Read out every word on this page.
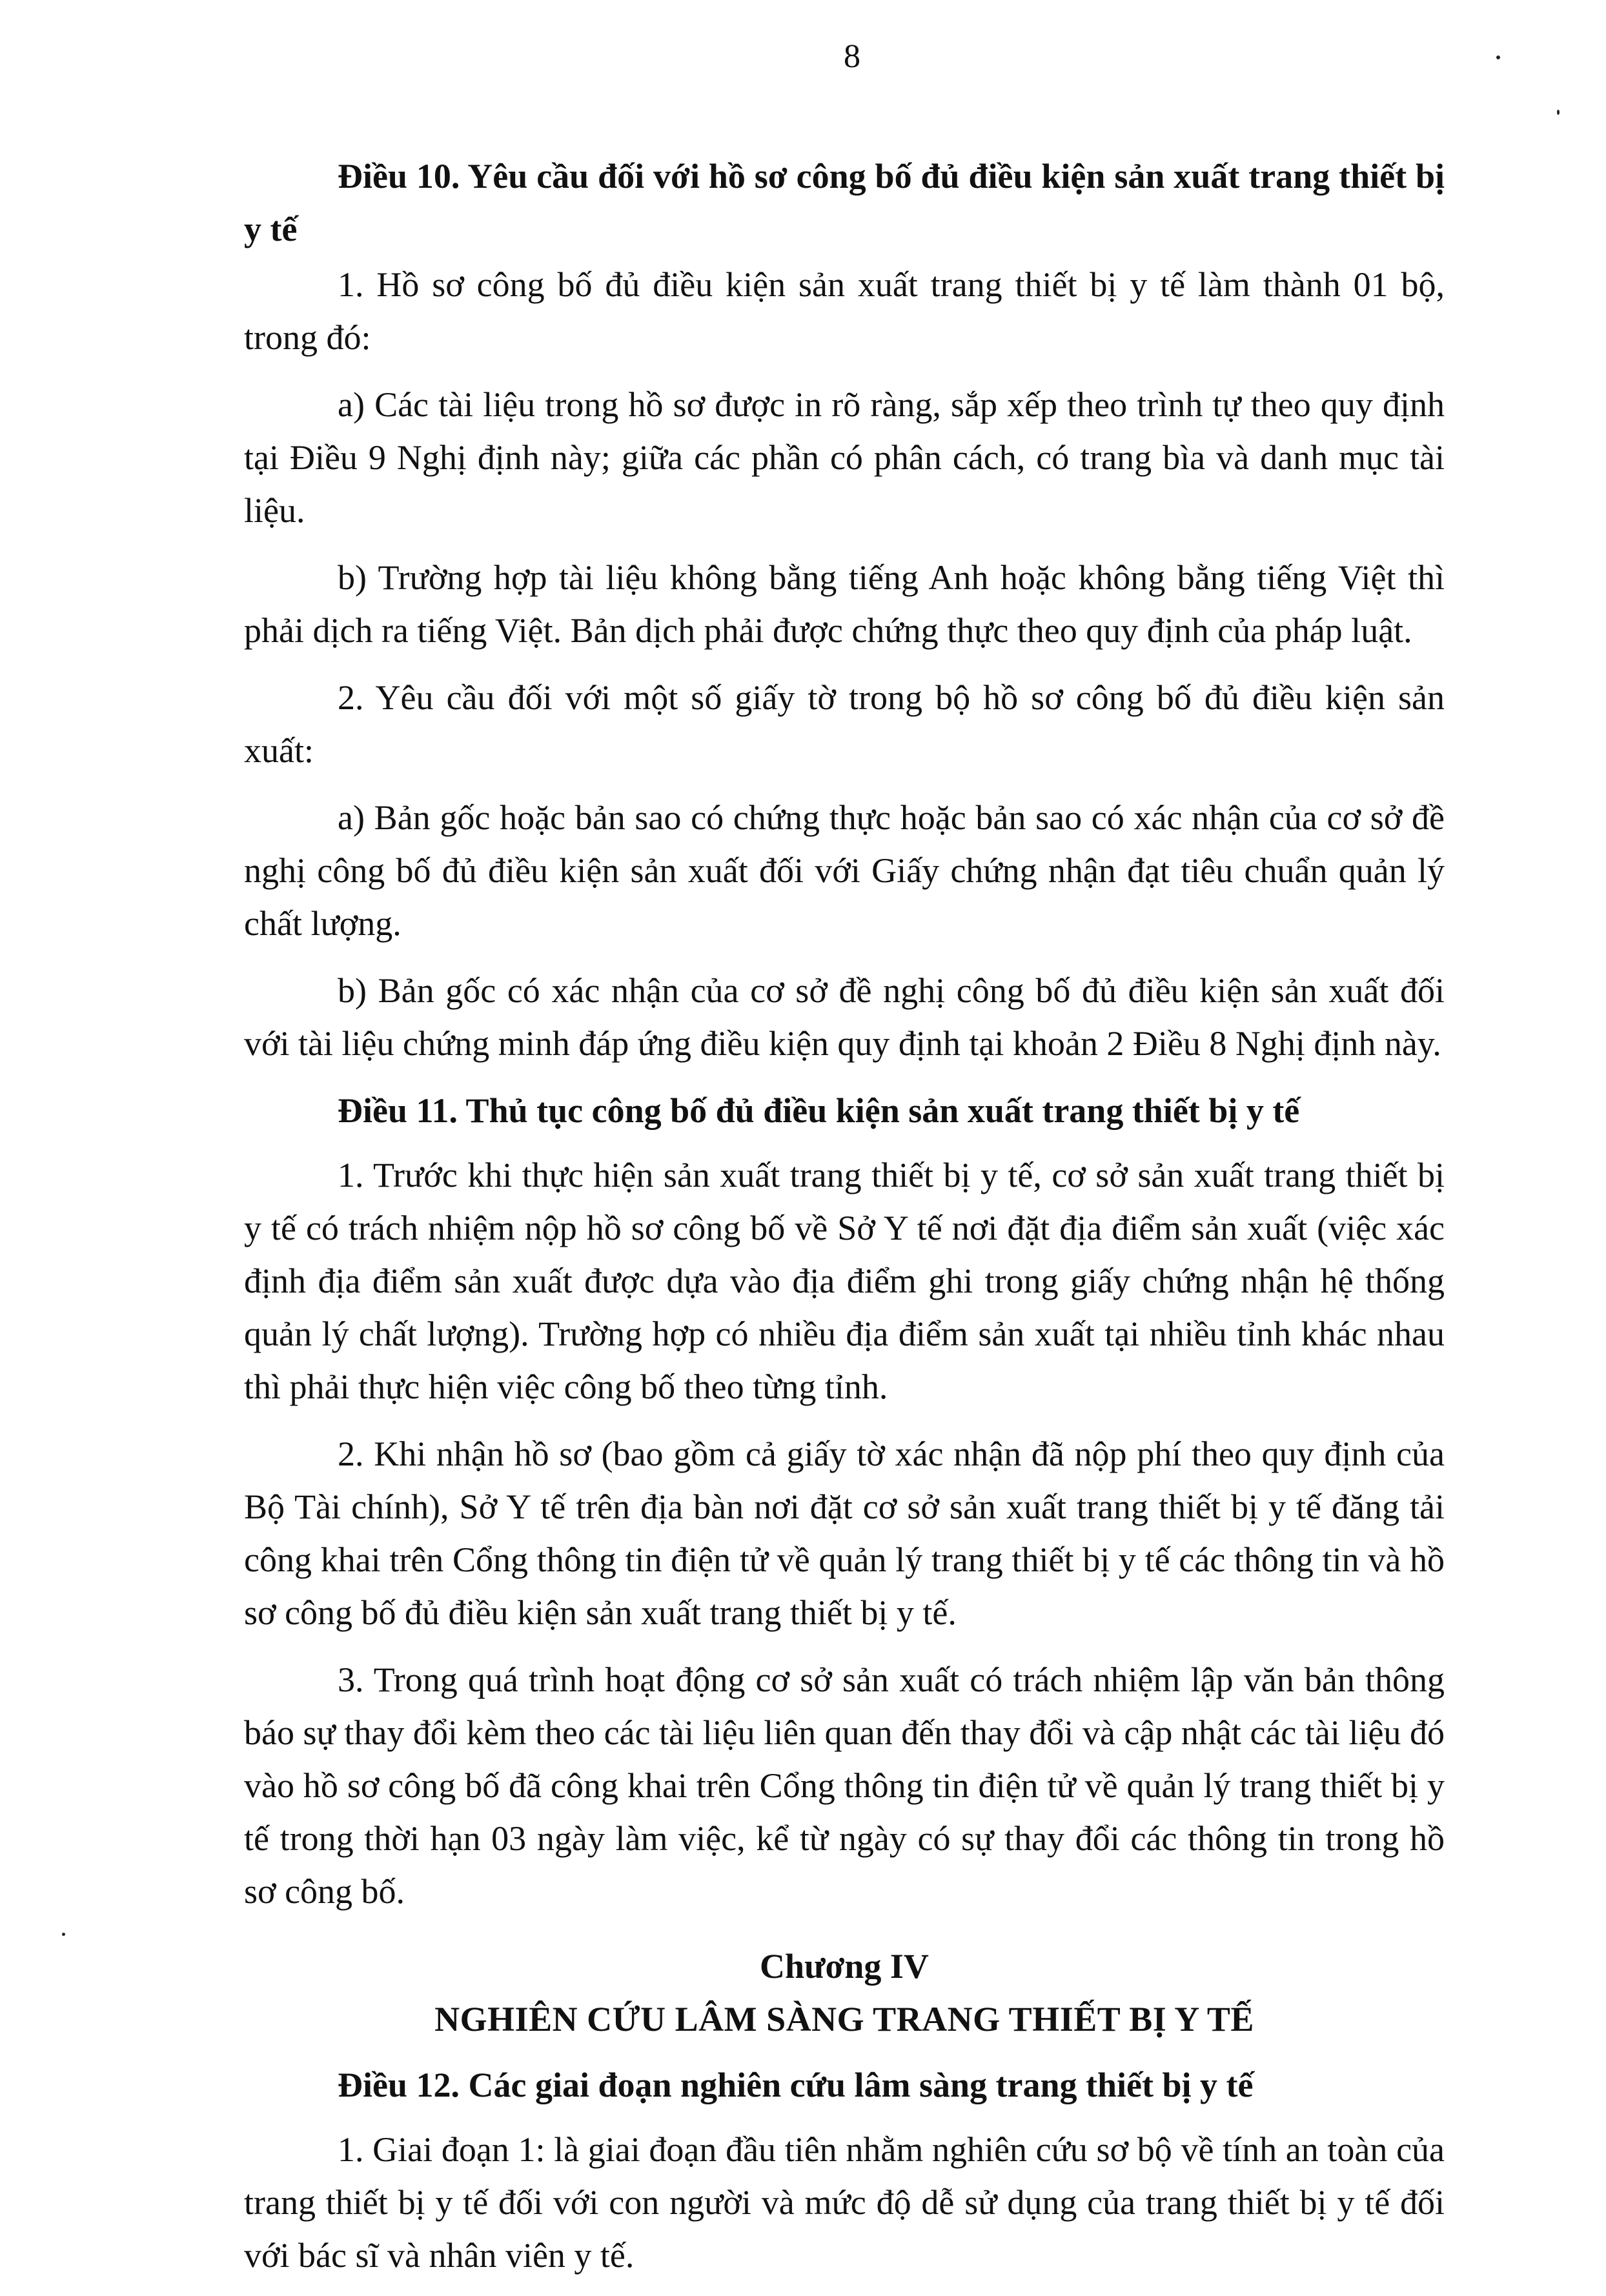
8

Điều 10. Yêu cầu đối với hồ sơ công bố đủ điều kiện sản xuất trang thiết bị y tế

1. Hồ sơ công bố đủ điều kiện sản xuất trang thiết bị y tế làm thành 01 bộ, trong đó:

a) Các tài liệu trong hồ sơ được in rõ ràng, sắp xếp theo trình tự theo quy định tại Điều 9 Nghị định này; giữa các phần có phân cách, có trang bìa và danh mục tài liệu.

b) Trường hợp tài liệu không bằng tiếng Anh hoặc không bằng tiếng Việt thì phải dịch ra tiếng Việt. Bản dịch phải được chứng thực theo quy định của pháp luật.

2. Yêu cầu đối với một số giấy tờ trong bộ hồ sơ công bố đủ điều kiện sản xuất:

a) Bản gốc hoặc bản sao có chứng thực hoặc bản sao có xác nhận của cơ sở đề nghị công bố đủ điều kiện sản xuất đối với Giấy chứng nhận đạt tiêu chuẩn quản lý chất lượng.

b) Bản gốc có xác nhận của cơ sở đề nghị công bố đủ điều kiện sản xuất đối với tài liệu chứng minh đáp ứng điều kiện quy định tại khoản 2 Điều 8 Nghị định này.

Điều 11. Thủ tục công bố đủ điều kiện sản xuất trang thiết bị y tế

1. Trước khi thực hiện sản xuất trang thiết bị y tế, cơ sở sản xuất trang thiết bị y tế có trách nhiệm nộp hồ sơ công bố về Sở Y tế nơi đặt địa điểm sản xuất (việc xác định địa điểm sản xuất được dựa vào địa điểm ghi trong giấy chứng nhận hệ thống quản lý chất lượng). Trường hợp có nhiều địa điểm sản xuất tại nhiều tỉnh khác nhau thì phải thực hiện việc công bố theo từng tỉnh.

2. Khi nhận hồ sơ (bao gồm cả giấy tờ xác nhận đã nộp phí theo quy định của Bộ Tài chính), Sở Y tế trên địa bàn nơi đặt cơ sở sản xuất trang thiết bị y tế đăng tải công khai trên Cổng thông tin điện tử về quản lý trang thiết bị y tế các thông tin và hồ sơ công bố đủ điều kiện sản xuất trang thiết bị y tế.

3. Trong quá trình hoạt động cơ sở sản xuất có trách nhiệm lập văn bản thông báo sự thay đổi kèm theo các tài liệu liên quan đến thay đổi và cập nhật các tài liệu đó vào hồ sơ công bố đã công khai trên Cổng thông tin điện tử về quản lý trang thiết bị y tế trong thời hạn 03 ngày làm việc, kể từ ngày có sự thay đổi các thông tin trong hồ sơ công bố.

Chương IV
NGHIÊN CỨU LÂM SÀNG TRANG THIẾT BỊ Y TẾ

Điều 12. Các giai đoạn nghiên cứu lâm sàng trang thiết bị y tế

1. Giai đoạn 1: là giai đoạn đầu tiên nhằm nghiên cứu sơ bộ về tính an toàn của trang thiết bị y tế đối với con người và mức độ dễ sử dụng của trang thiết bị y tế đối với bác sĩ và nhân viên y tế.
